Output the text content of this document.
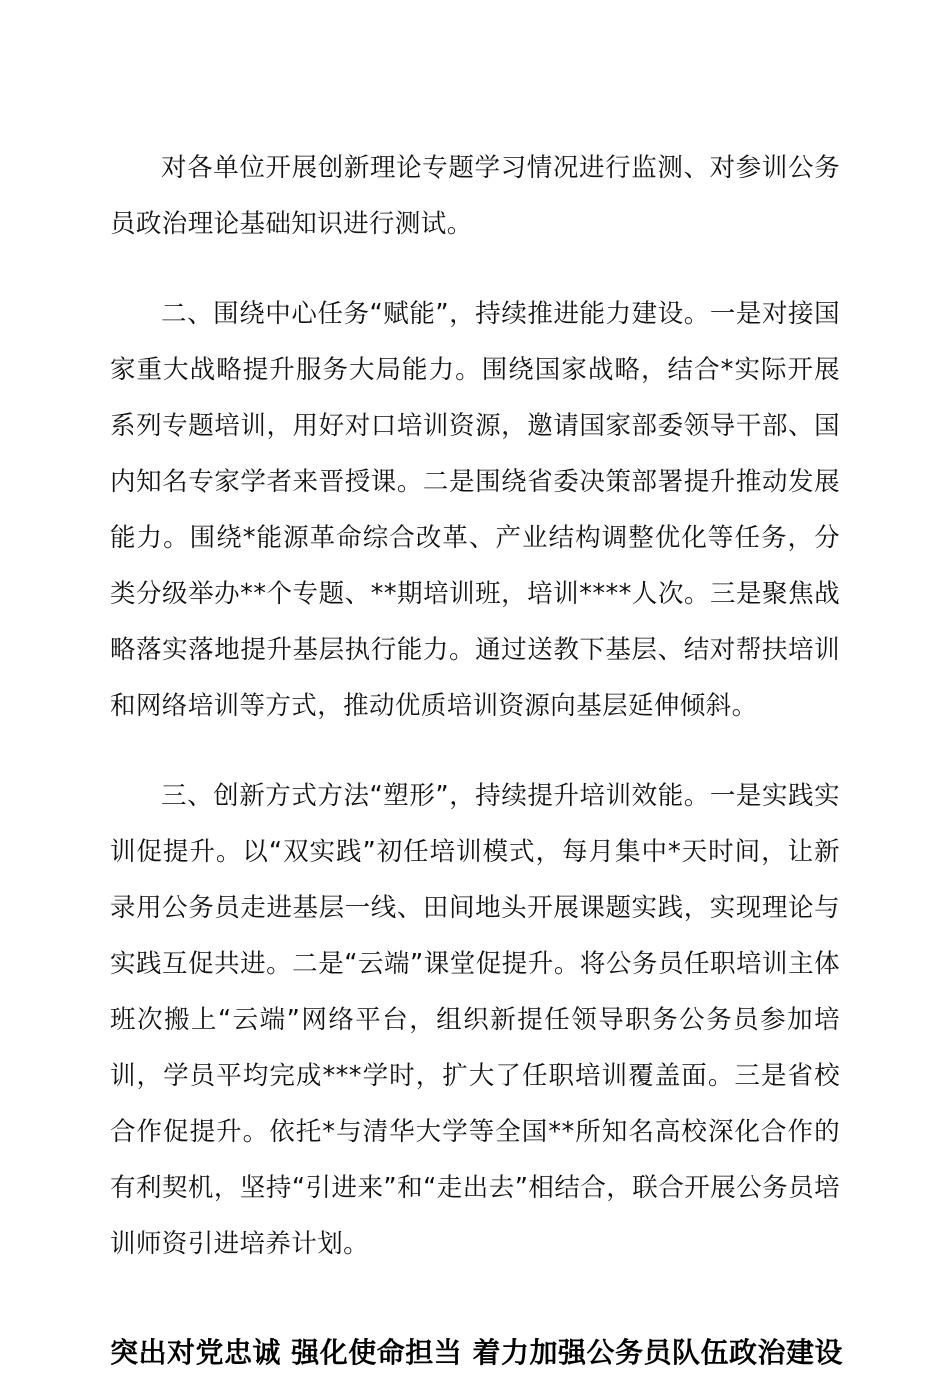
对各单位开展创新理论专题学习情况进行监测、对参训公务员政治理论基础知识进行测试。

二、围绕中心任务“赋能”，持续推进能力建设。一是对接国家重大战略提升服务大局能力。围绕国家战略，结合*实际开展系列专题培训，用好对口培训资源，邀请国家部委领导干部、国内知名专家学者来晋授课。二是围绕省委决策部署提升推动发展能力。围绕*能源革命综合改革、产业结构调整优化等任务，分类分级举办**个专题、**期培训班，培训****人次。三是聚焦战略落实落地提升基层执行能力。通过送教下基层、结对帮扶培训和网络培训等方式，推动优质培训资源向基层延伸倾斜。

三、创新方式方法“塑形”，持续提升培训效能。一是实践实训促提升。以“双实践”初任培训模式，每月集中*天时间，让新录用公务员走进基层一线、田间地头开展课题实践，实现理论与实践互促共进。二是“云端”课堂促提升。将公务员任职培训主体班次搬上“云端”网络平台，组织新提任领导职务公务员参加培训，学员平均完成***学时，扩大了任职培训覆盖面。三是省校合作促提升。依托*与清华大学等全国**所知名高校深化合作的有利契机，坚持“引进来”和“走出去”相结合，联合开展公务员培训师资引进培养计划。

突出对党忠诚 强化使命担当 着力加强公务员队伍政治建设
